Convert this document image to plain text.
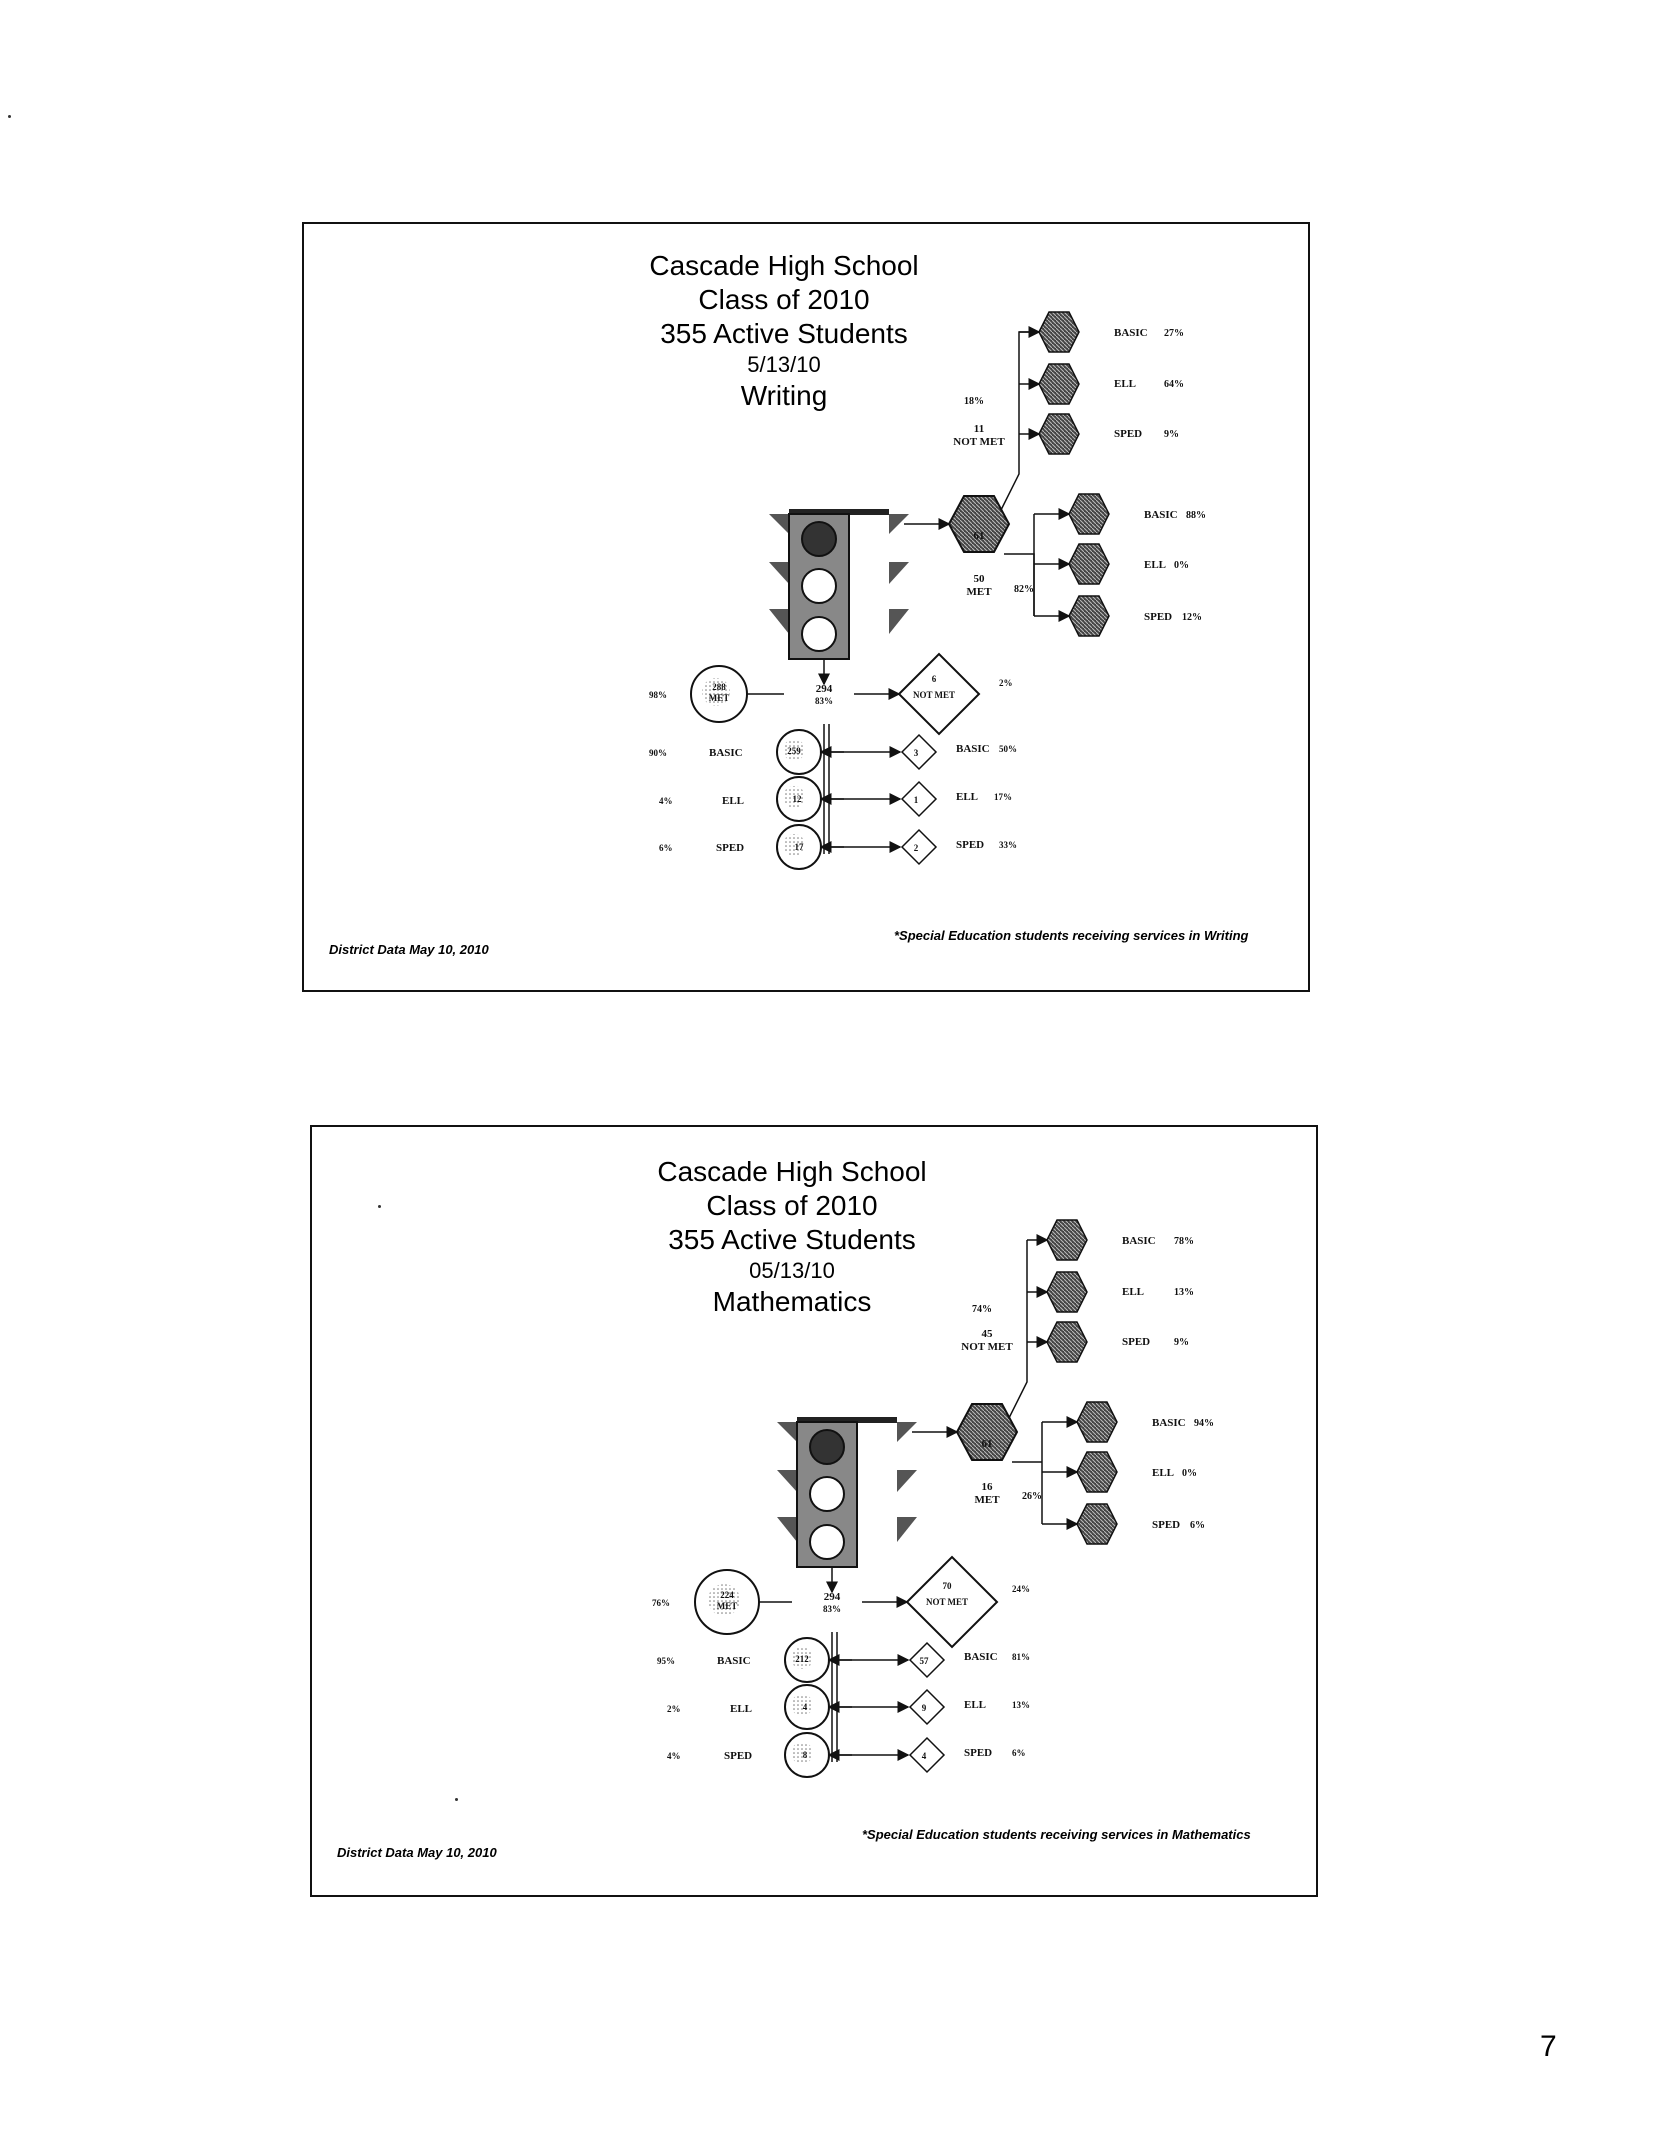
Cascade High School
Class of 2010
355 Active Students
5/13/10
Writing
61
18%
11
NOT MET
BASIC 27%
ELL	64%
SPED 9%
50
MET 82%
BASIC 88%
ELL 0%
SPED 12%
294
83%
288
MET
98%
6
NOT MET
2%
259
12
17
90%	BASIC
4%	ELL
6%	SPED
3
1
2
BASIC 50%
ELL 17%
SPED 33%
District Data May 10, 2010
*Special Education students receiving services in Writing
Cascade High School
Class of 2010
355 Active Students
05/13/10
Mathematics
61
74%
45
NOT MET
BASIC 78%
ELL	13%
SPED 9%
16
MET 26%
BASIC 94%
ELL 0%
SPED 6%
294
83%
224
MET
76%
70
NOT MET
24%
212
4
8
95%	BASIC
2%	ELL
4%	SPED
57
9
4
BASIC 81%
ELL	13%
SPED 6%
District Data May 10, 2010
*Special Education students receiving services in Mathematics
7
